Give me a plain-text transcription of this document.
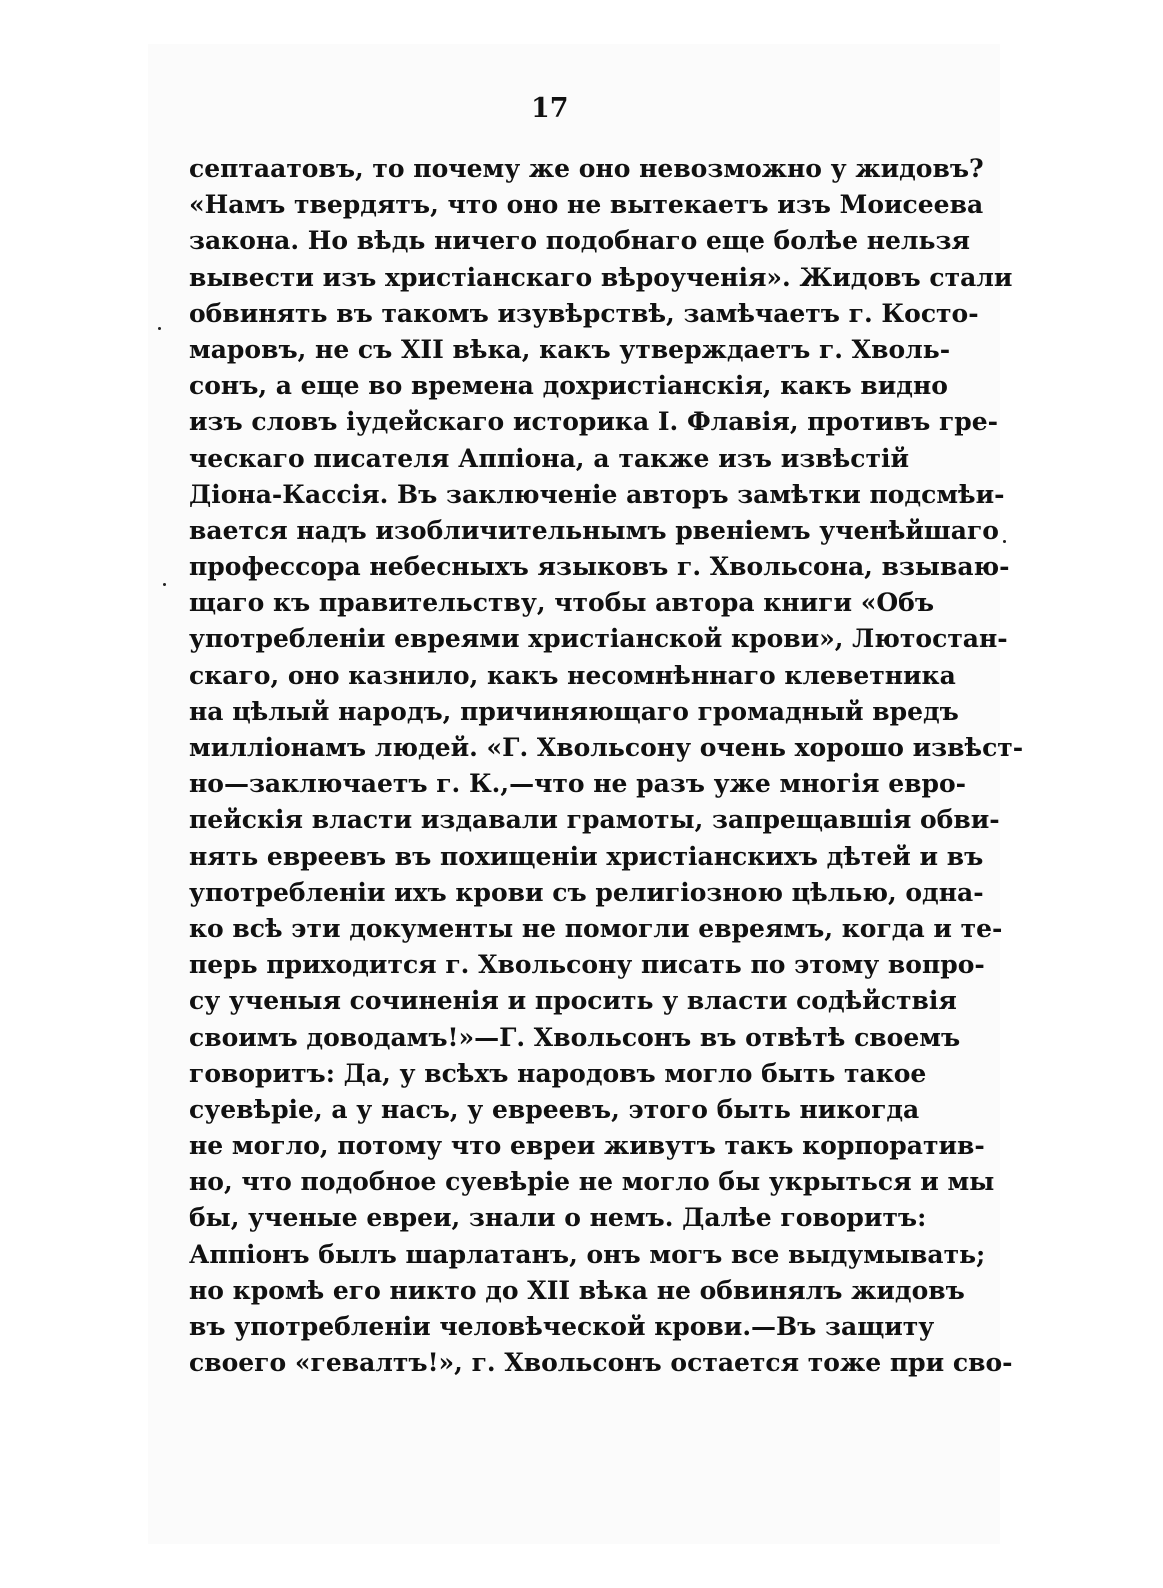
17
септаатовъ, то почему же оно невозможно у жидовъ?
«Намъ твердятъ, что оно не вытекаетъ изъ Моисеева
закона. Но вѣдь ничего подобнаго еще болѣе нельзя
вывести изъ христіанскаго вѣроученія». Жидовъ стали
обвинять въ такомъ изувѣрствѣ, замѣчаетъ г. Косто-
маровъ, не съ XII вѣка, какъ утверждаетъ г. Хволь-
сонъ, а еще во времена дохристіанскія, какъ видно
изъ словъ іудейскаго историка І. Флавія, противъ гре-
ческаго писателя Аппіона, а также изъ извѣстій
Діона-Кассія. Въ заключеніе авторъ замѣтки подсмѣи-
вается надъ изобличительнымъ рвеніемъ ученѣйшаго
профессора небесныхъ языковъ г. Хвольсона, взываю-
щаго къ правительству, чтобы автора книги «Объ
употребленіи евреями христіанской крови», Лютостан-
скаго, оно казнило, какъ несомнѣннаго клеветника
на цѣлый народъ, причиняющаго громадный вредъ
милліонамъ людей. «Г. Хвольсону очень хорошо извѣст-
но—заключаетъ г. К.,—что не разъ уже многія евро-
пейскія власти издавали грамоты, запрещавшія обви-
нять евреевъ въ похищеніи христіанскихъ дѣтей и въ
употребленіи ихъ крови съ религіозною цѣлью, одна-
ко всѣ эти документы не помогли евреямъ, когда и те-
перь приходится г. Хвольсону писать по этому вопро-
су ученыя сочиненія и просить у власти содѣйствія
своимъ доводамъ!»—Г. Хвольсонъ въ отвѣтѣ своемъ
говоритъ: Да, у всѣхъ народовъ могло быть такое
суевѣріе, а у насъ, у евреевъ, этого быть никогда
не могло, потому что евреи живутъ такъ корпоратив-
но, что подобное суевѣріе не могло бы укрыться и мы
бы, ученые евреи, знали о немъ. Далѣе говоритъ:
Аппіонъ былъ шарлатанъ, онъ могъ все выдумывать;
но кромѣ его никто до XII вѣка не обвинялъ жидовъ
въ употребленіи человѣческой крови.—Въ защиту
своего «гевалтъ!», г. Хвольсонъ остается тоже при сво-
